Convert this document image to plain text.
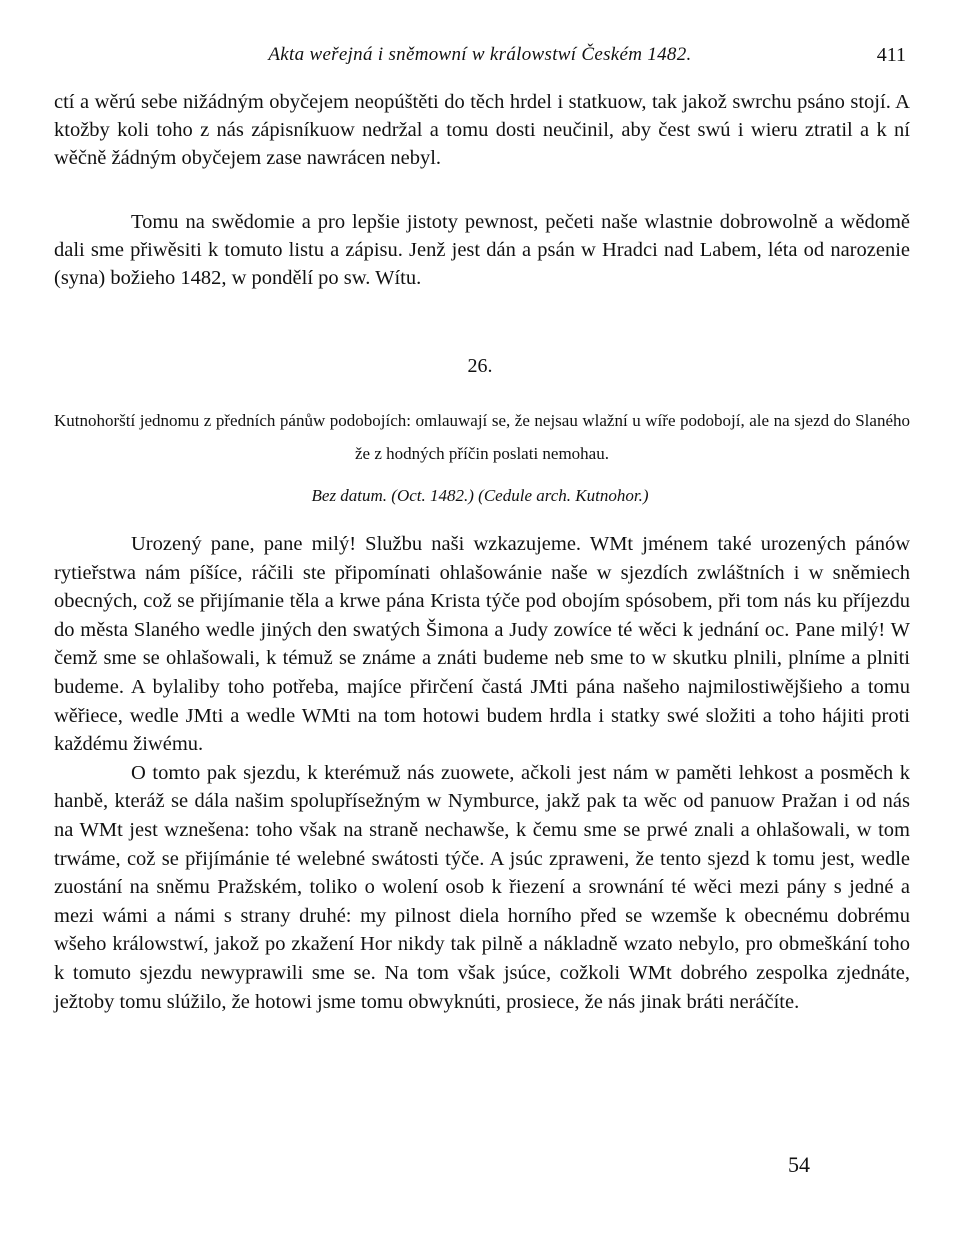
Akta weřejná i sněmowní w králowstwí Českém 1482.	411

ctí a wěrú sebe nižádným obyčejem neopúštěti do těch hrdel i statkuow, tak jakož swrchu psáno stojí. A ktožby koli toho z nás zápisníkuow nedržal a tomu dosti neučinil, aby čest swú i wieru ztratil a k ní wěčně žádným obyčejem zase nawrácen nebyl.

Tomu na swědomie a pro lepšie jistoty pewnost, pečeti naše wlastnie dobrowolně a wědomě dali sme přiwěsiti k tomuto listu a zápisu. Jenž jest dán a psán w Hradci nad Labem, léta od narozenie (syna) božieho 1482, w pondělí po sw. Wítu.

26.
Kutnohorští jednomu z předních pánůw podobojích: omlauwají se, že nejsau wlažní u wíře podobojí, ale na sjezd do Slaného že z hodných příčin poslati nemohau.
Bez datum. (Oct. 1482.) (Cedule arch. Kutnohor.)

Urozený pane, pane milý! Službu naši wzkazujeme. WMt jménem také urozených pánów rytieřstwa nám píšíce, ráčili ste připomínati ohlašowánie naše w sjezdích zwláštních i w sněmiech obecných, což se přijímanie těla a krwe pána Krista týče pod obojím spósobem, při tom nás ku příjezdu do města Slaného wedle jiných den swatých Šimona a Judy zowíce té wěci k jednání oc. Pane milý! W čemž sme se ohlašowali, k témuž se známe a znáti budeme neb sme to w skutku plnili, plníme a plniti budeme. A bylaliby toho potřeba, majíce přirčení častá JMti pána našeho najmilostiwějšieho a tomu wěřiece, wedle JMti a wedle WMti na tom hotowi budem hrdla i statky swé složiti a toho hájiti proti každému žiwému.

O tomto pak sjezdu, k kterémuž nás zuowete, ačkoli jest nám w paměti lehkost a posměch k hanbě, kteráž se dála našim spolupřísežným w Nymburce, jakž pak ta wěc od panuow Pražan i od nás na WMt jest wznešena: toho však na straně nechawše, k čemu sme se prwé znali a ohlašowali, w tom trwáme, což se přijímánie té welebné swátosti týče. A jsúc zpraweni, že tento sjezd k tomu jest, wedle zuostání na sněmu Pražském, toliko o wolení osob k řiezení a srownání té wěci mezi pány s jedné a mezi wámi a námi s strany druhé: my pilnost diela horního před se wzemše k obecnému dobrému wšeho králowstwí, jakož po zkažení Hor nikdy tak pilně a nákladně wzato nebylo, pro obmeškání toho k tomuto sjezdu newyprawili sme se. Na tom však jsúce, cožkoli WMt dobrého zespolka zjednáte, ježtoby tomu slúžilo, že hotowi jsme tomu obwyknúti, prosiece, že nás jinak bráti neráčíte.

54
